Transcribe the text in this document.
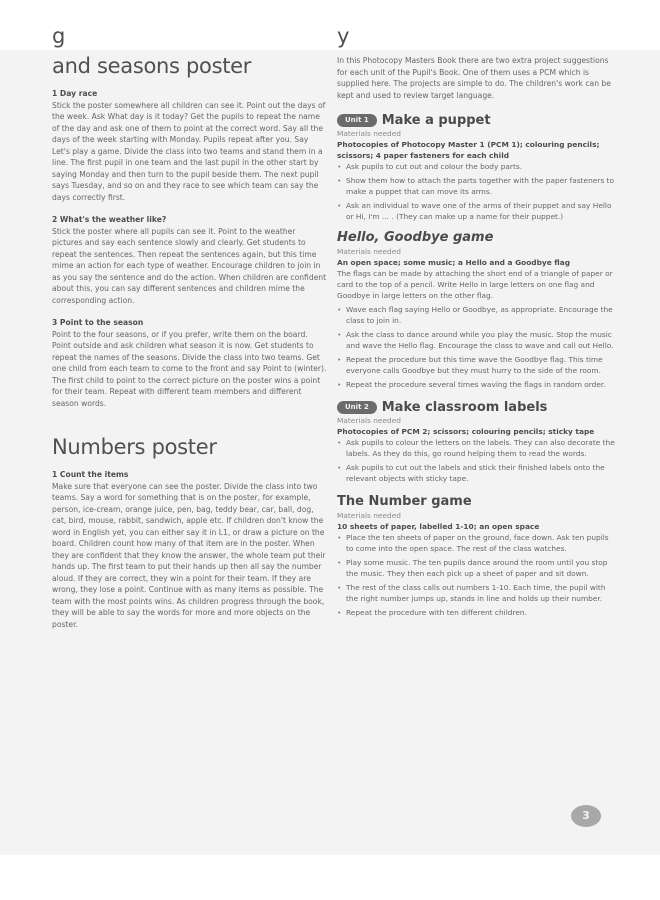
g
and seasons poster

1 Day race

Stick the poster somewhere all children can see it. Point out the days of the week. Ask What day is it today? Get the pupils to repeat the name of the day and ask one of them to point at the correct word. Say all the days of the week starting with Monday. Pupils repeat after you. Say Let's play a game. Divide the class into two teams and stand them in a line. The first pupil in one team and the last pupil in the other start by saying Monday and then turn to the pupil beside them. The next pupil says Tuesday, and so on and they race to see which team can say the days correctly first.

2 What's the weather like?

Stick the poster where all pupils can see it. Point to the weather pictures and say each sentence slowly and clearly. Get students to repeat the sentences. Then repeat the sentences again, but this time mime an action for each type of weather. Encourage children to join in as you say the sentence and do the action. When children are confident about this, you can say different sentences and children mime the corresponding action.

3 Point to the season

Point to the four seasons, or if you prefer, write them on the board. Point outside and ask children what season it is now. Get students to repeat the names of the seasons. Divide the class into two teams. Get one child from each team to come to the front and say Point to (winter). The first child to point to the correct picture on the poster wins a point for their team. Repeat with different team members and different season words.

Numbers poster

1 Count the items

Make sure that everyone can see the poster. Divide the class into two teams. Say a word for something that is on the poster, for example, person, ice-cream, orange juice, pen, bag, teddy bear, car, ball, dog, cat, bird, mouse, rabbit, sandwich, apple etc. If children don't know the word in English yet, you can either say it in L1, or draw a picture on the board. Children count how many of that item are in the poster. When they are confident that they know the answer, the whole team put their hands up. The first team to put their hands up then all say the number aloud. If they are correct, they win a point for their team. If they are wrong, they lose a point. Continue with as many items as possible. The team with the most points wins. As children progress through the book, they will be able to say the words for more and more objects on the poster.

y

In this Photocopy Masters Book there are two extra project suggestions for each unit of the Pupil's Book. One of them uses a PCM which is supplied here. The projects are simple to do. The children's work can be kept and used to review target language.

Unit 1	Make a puppet

Materials needed

Photocopies of Photocopy Master 1 (PCM 1); colouring pencils; scissors; 4 paper fasteners for each child

• Ask pupils to cut out and colour the body parts.
• Show them how to attach the parts together with the paper fasteners to make a puppet that can move its arms.
• Ask an individual to wave one of the arms of their puppet and say Hello or Hi, I'm ... . (They can make up a name for their puppet.)

Hello, Goodbye game

Materials needed

An open space; some music; a Hello and a Goodbye flag

The flags can be made by attaching the short end of a triangle of paper or card to the top of a pencil. Write Hello in large letters on one flag and Goodbye in large letters on the other flag.

• Wave each flag saying Hello or Goodbye, as appropriate. Encourage the class to join in.
• Ask the class to dance around while you play the music. Stop the music and wave the Hello flag. Encourage the class to wave and call out Hello.
• Repeat the procedure but this time wave the Goodbye flag. This time everyone calls Goodbye but they must hurry to the side of the room.
• Repeat the procedure several times waving the flags in random order.
Unit 2	Make classroom labels

Materials needed

Photocopies of PCM 2; scissors; colouring pencils; sticky tape

• Ask pupils to colour the letters on the labels. They can also decorate the labels. As they do this, go round helping them to read the words.
• Ask pupils to cut out the labels and stick their finished labels onto the relevant objects with sticky tape.

The Number game

Materials needed

10 sheets of paper, labelled 1-10; an open space

• Place the ten sheets of paper on the ground, face down. Ask ten pupils to come into the open space. The rest of the class watches.
• Play some music. The ten pupils dance around the room until you stop the music. They then each pick up a sheet of paper and sit down.
• The rest of the class calls out numbers 1-10. Each time, the pupil with the right number jumps up, stands in line and holds up their number.
• Repeat the procedure with ten different children.
3
